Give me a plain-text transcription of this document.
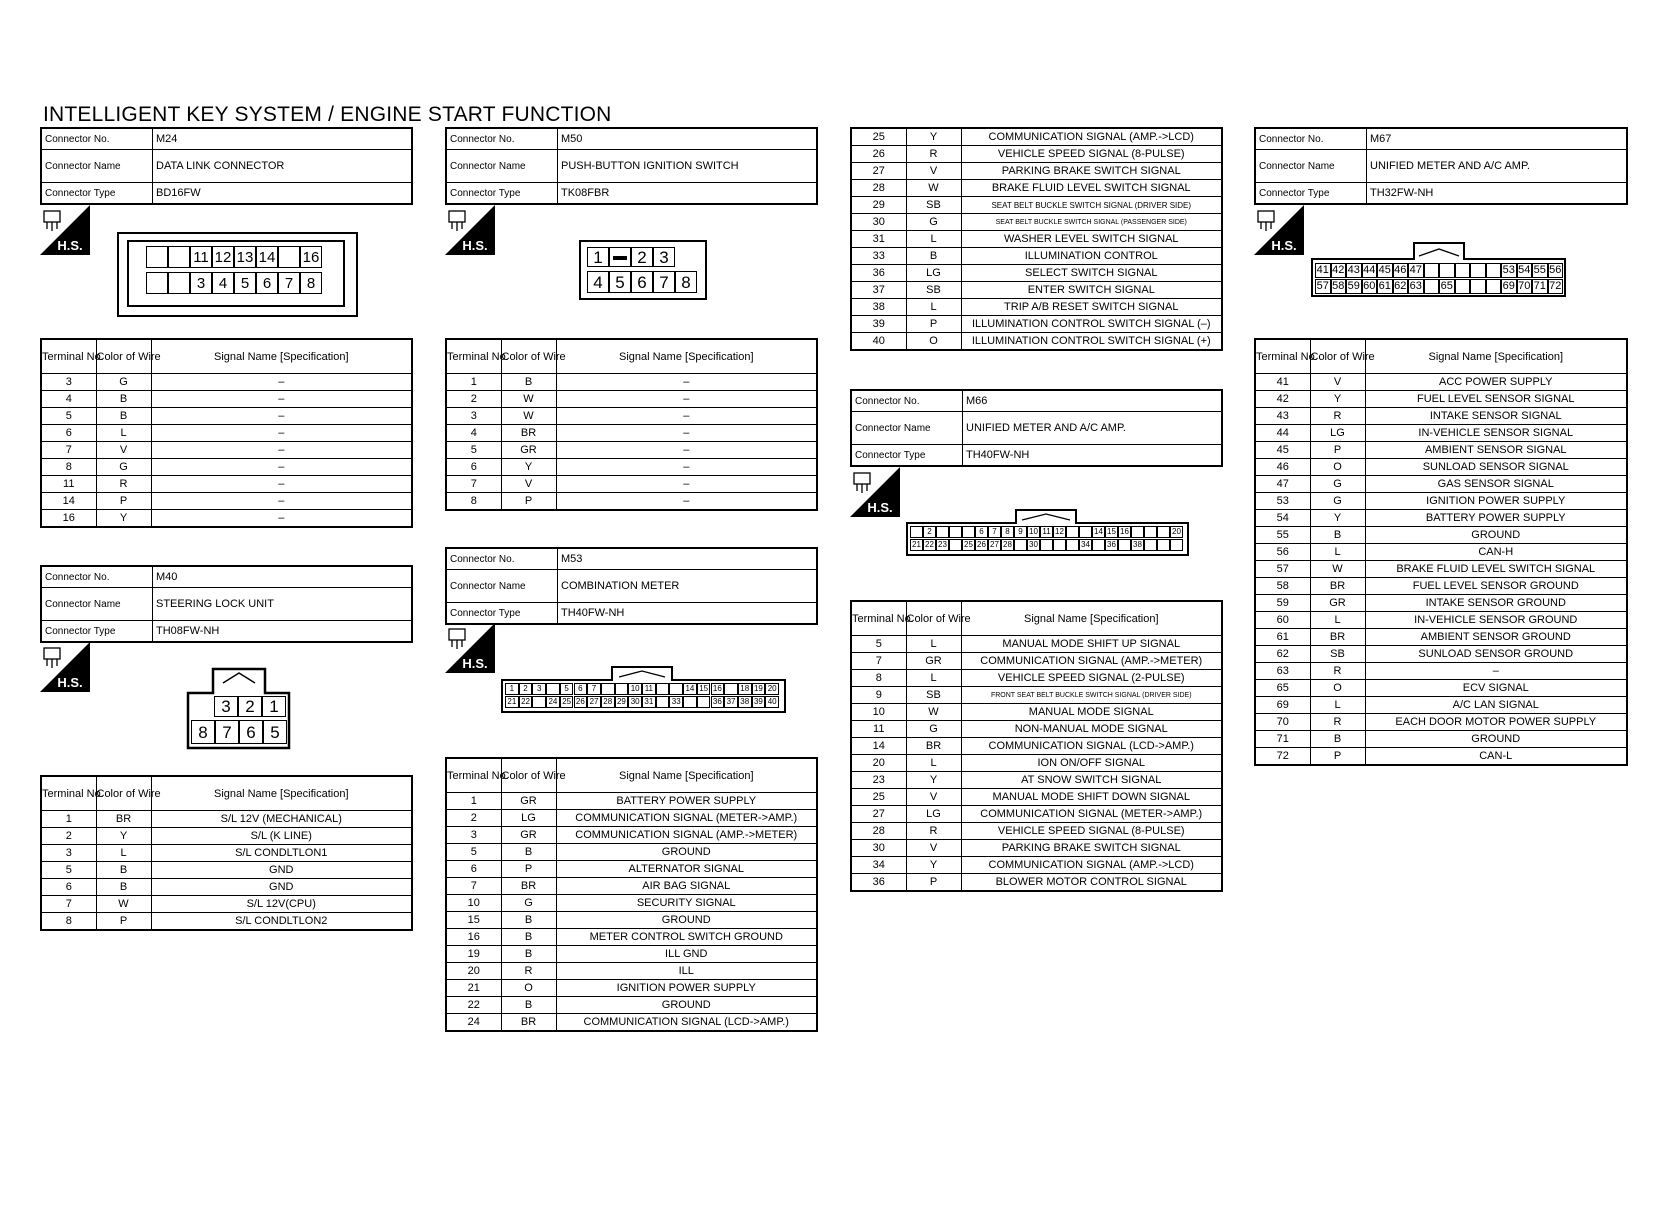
INTELLIGENT KEY SYSTEM / ENGINE START FUNCTION
Connector No.	M24
Connector Name	DATA LINK CONNECTOR
Connector Type	BD16FW
H.S.
11 12 13 14 16
3 4 5 6 7 8
Terminal No.	Color of Wire	Signal Name [Specification]
3	G	–
4	B	–
5	B	–
6	L	–
7	V	–
8	G	–
11	R	–
14	P	–
16	Y	–
Connector No.	M40
Connector Name	STEERING LOCK UNIT
Connector Type	TH08FW-NH
H.S.
3 2 1
8 7 6 5
Terminal No.	Color of Wire	Signal Name [Specification]
1	BR	S/L 12V (MECHANICAL)
2	Y	S/L (K LINE)
3	L	S/L CONDLTLON1
5	B	GND
6	B	GND
7	W	S/L 12V(CPU)
8	P	S/L CONDLTLON2
Connector No.	M50
Connector Name	PUSH-BUTTON IGNITION SWITCH
Connector Type	TK08FBR
H.S.
1	2 3
4 5 6 7 8
Terminal No.	Color of Wire	Signal Name [Specification]
1	B	–
2	W	–
3	W	–
4	BR	–
5	GR	–
6	Y	–
7	V	–
8	P	–
Connector No.	M53
Connector Name	COMBINATION METER
Connector Type	TH40FW-NH
H.S.
1	2	3	5	6	7	10 11	14 15 16 18 19 20
21 22 24 25 26 27 28 29 30 31 33	36 37 38 39 40
Terminal No.	Color of Wire	Signal Name [Specification]
1	GR	BATTERY POWER SUPPLY
2	LG	COMMUNICATION SIGNAL (METER->AMP.)
3	GR	COMMUNICATION SIGNAL (AMP.->METER)
5	B	GROUND
6	P	ALTERNATOR SIGNAL
7	BR	AIR BAG SIGNAL
10	G	SECURITY SIGNAL
15	B	GROUND
16	B	METER CONTROL SWITCH GROUND
19	B	ILL GND
20	R	ILL
21	O	IGNITION POWER SUPPLY
22	B	GROUND
24	BR	COMMUNICATION SIGNAL (LCD->AMP.)
25	Y	COMMUNICATION SIGNAL (AMP.->LCD)
26	R	VEHICLE SPEED SIGNAL (8-PULSE)
27	V	PARKING BRAKE SWITCH SIGNAL
28	W	BRAKE FLUID LEVEL SWITCH SIGNAL
29	SB	SEAT BELT BUCKLE SWITCH SIGNAL (DRIVER SIDE)
30	G	SEAT BELT BUCKLE SWITCH SIGNAL (PASSENGER SIDE)
31	L	WASHER LEVEL SWITCH SIGNAL
33	B	ILLUMINATION CONTROL
36	LG	SELECT SWITCH SIGNAL
37	SB	ENTER SWITCH SIGNAL
38	L	TRIP A/B RESET SWITCH SIGNAL
39	P	ILLUMINATION CONTROL SWITCH SIGNAL (–)
40	O	ILLUMINATION CONTROL SWITCH SIGNAL (+)
Connector No.	M66
Connector Name	UNIFIED METER AND A/C AMP.
Connector Type	TH40FW-NH
H.S.
2	6	7	8	9 10 11 12	14 15 16	20
21 22 23 25 26 27 28 30	34 36 38
Terminal No.	Color of Wire	Signal Name [Specification]
5	L	MANUAL MODE SHIFT UP SIGNAL
7	GR	COMMUNICATION SIGNAL (AMP.->METER)
8	L	VEHICLE SPEED SIGNAL (2-PULSE)
9	SB	FRONT SEAT BELT BUCKLE SWITCH SIGNAL (DRIVER SIDE)
10	W	MANUAL MODE SIGNAL
11	G	NON-MANUAL MODE SIGNAL
14	BR	COMMUNICATION SIGNAL (LCD->AMP.)
20	L	ION ON/OFF SIGNAL
23	Y	AT SNOW SWITCH SIGNAL
25	V	MANUAL MODE SHIFT DOWN SIGNAL
27	LG	COMMUNICATION SIGNAL (METER->AMP.)
28	R	VEHICLE SPEED SIGNAL (8-PULSE)
30	V	PARKING BRAKE SWITCH SIGNAL
34	Y	COMMUNICATION SIGNAL (AMP.->LCD)
36	P	BLOWER MOTOR CONTROL SIGNAL
Connector No.	M67
Connector Name	UNIFIED METER AND A/C AMP.
Connector Type	TH32FW-NH
H.S.
41 42 43 44 45 46 47	53 54 55 56
57 58 59 60 61 62 63 65	69 70 71 72
Terminal No.	Color of Wire	Signal Name [Specification]
41	V	ACC POWER SUPPLY
42	Y	FUEL LEVEL SENSOR SIGNAL
43	R	INTAKE SENSOR SIGNAL
44	LG	IN-VEHICLE SENSOR SIGNAL
45	P	AMBIENT SENSOR SIGNAL
46	O	SUNLOAD SENSOR SIGNAL
47	G	GAS SENSOR SIGNAL
53	G	IGNITION POWER SUPPLY
54	Y	BATTERY POWER SUPPLY
55	B	GROUND
56	L	CAN-H
57	W	BRAKE FLUID LEVEL SWITCH SIGNAL
58	BR	FUEL LEVEL SENSOR GROUND
59	GR	INTAKE SENSOR GROUND
60	L	IN-VEHICLE SENSOR GROUND
61	BR	AMBIENT SENSOR GROUND
62	SB	SUNLOAD SENSOR GROUND
63	R	–
65	O	ECV SIGNAL
69	L	A/C LAN SIGNAL
70	R	EACH DOOR MOTOR POWER SUPPLY
71	B	GROUND
72	P	CAN-L
